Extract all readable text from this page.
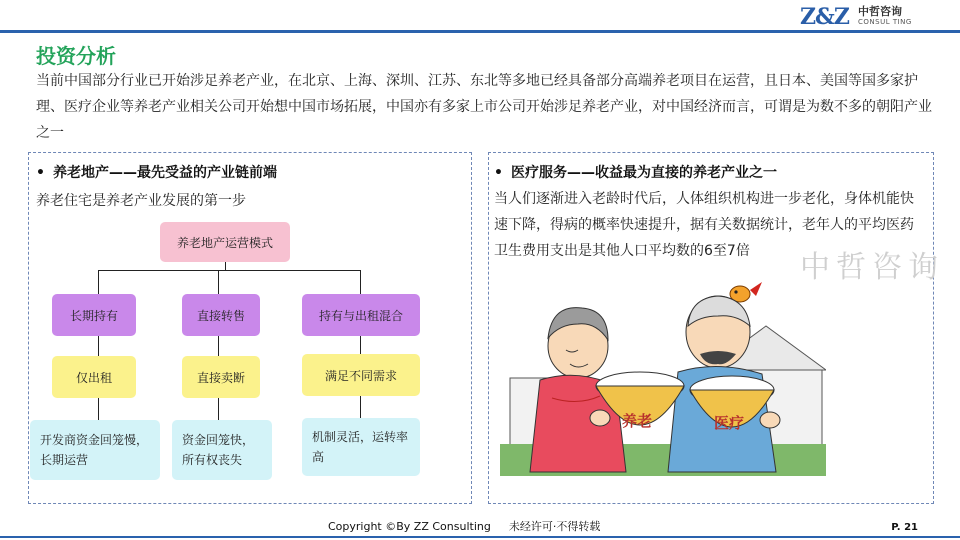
Z&Z 中哲咨询
CONSUL TING
投资分析
当前中国部分行业已开始涉足养老产业，在北京、上海、深圳、江苏、东北等多地已经具备部分高端养老项目在运营，且日本、美国等国多家护理、医疗企业等养老产业相关公司开始想中国市场拓展，中国亦有多家上市公司开始涉足养老产业，对中国经济而言，可谓是为数不多的朝阳产业之一
• 养老地产——最先受益的产业链前端
养老住宅是养老产业发展的第一步
养老地产运营模式
长期持有	直接转售	持有与出租混合
仅出租	直接卖断	满足不同需求
开发商资金回笼慢，长期运营
资金回笼快，所有权丧失
机制灵活，运转率高
• 医疗服务——收益最为直接的养老产业之一
当人们逐渐进入老龄时代后，人体组织机构进一步老化，身体机能快速下降，得病的概率快速提升，据有关数据统计，老年人的平均医药卫生费用支出是其他人口平均数的6至7倍
养老	医疗
中哲咨询
Copyright ©By ZZ Consulting 未经许可·不得转载	P. 21
